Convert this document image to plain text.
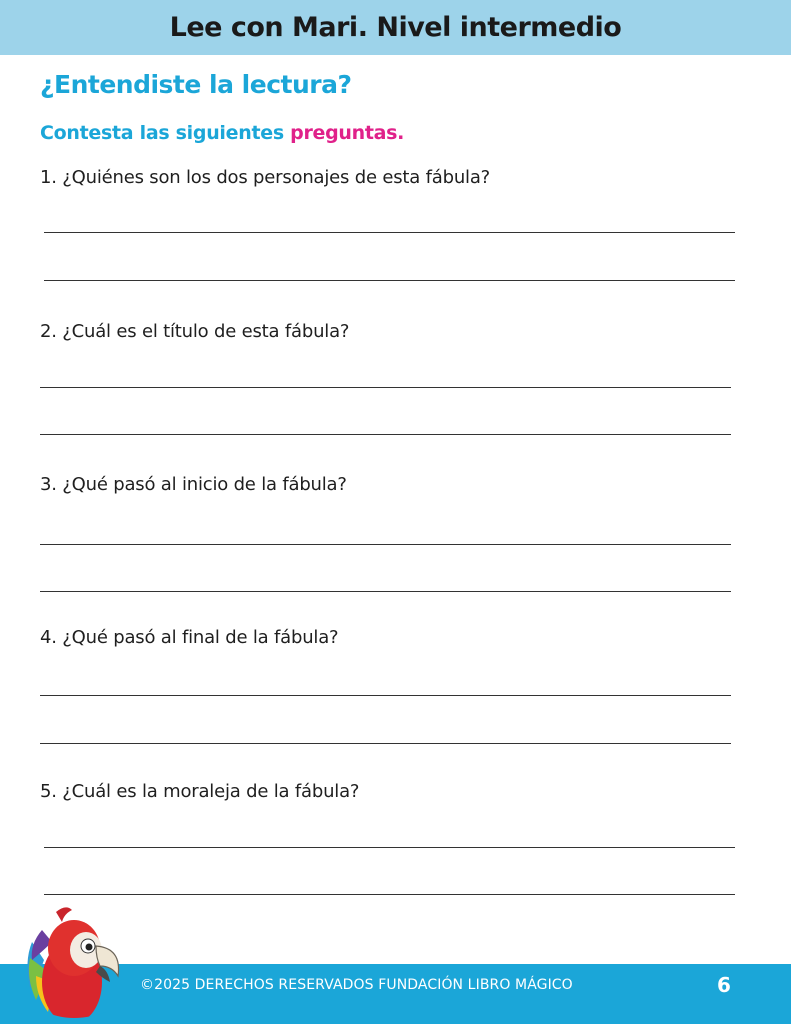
Lee con Mari. Nivel intermedio
¿Entendiste la lectura?
Contesta las siguientes preguntas.
1. ¿Quiénes son los dos personajes de esta fábula?
2. ¿Cuál es el título de esta fábula?
3. ¿Qué pasó al inicio de la fábula?
4. ¿Qué pasó al final de la fábula?
5. ¿Cuál es la moraleja de la fábula?
©2025 DERECHOS RESERVADOS FUNDACIÓN LIBRO MÁGICO	6
